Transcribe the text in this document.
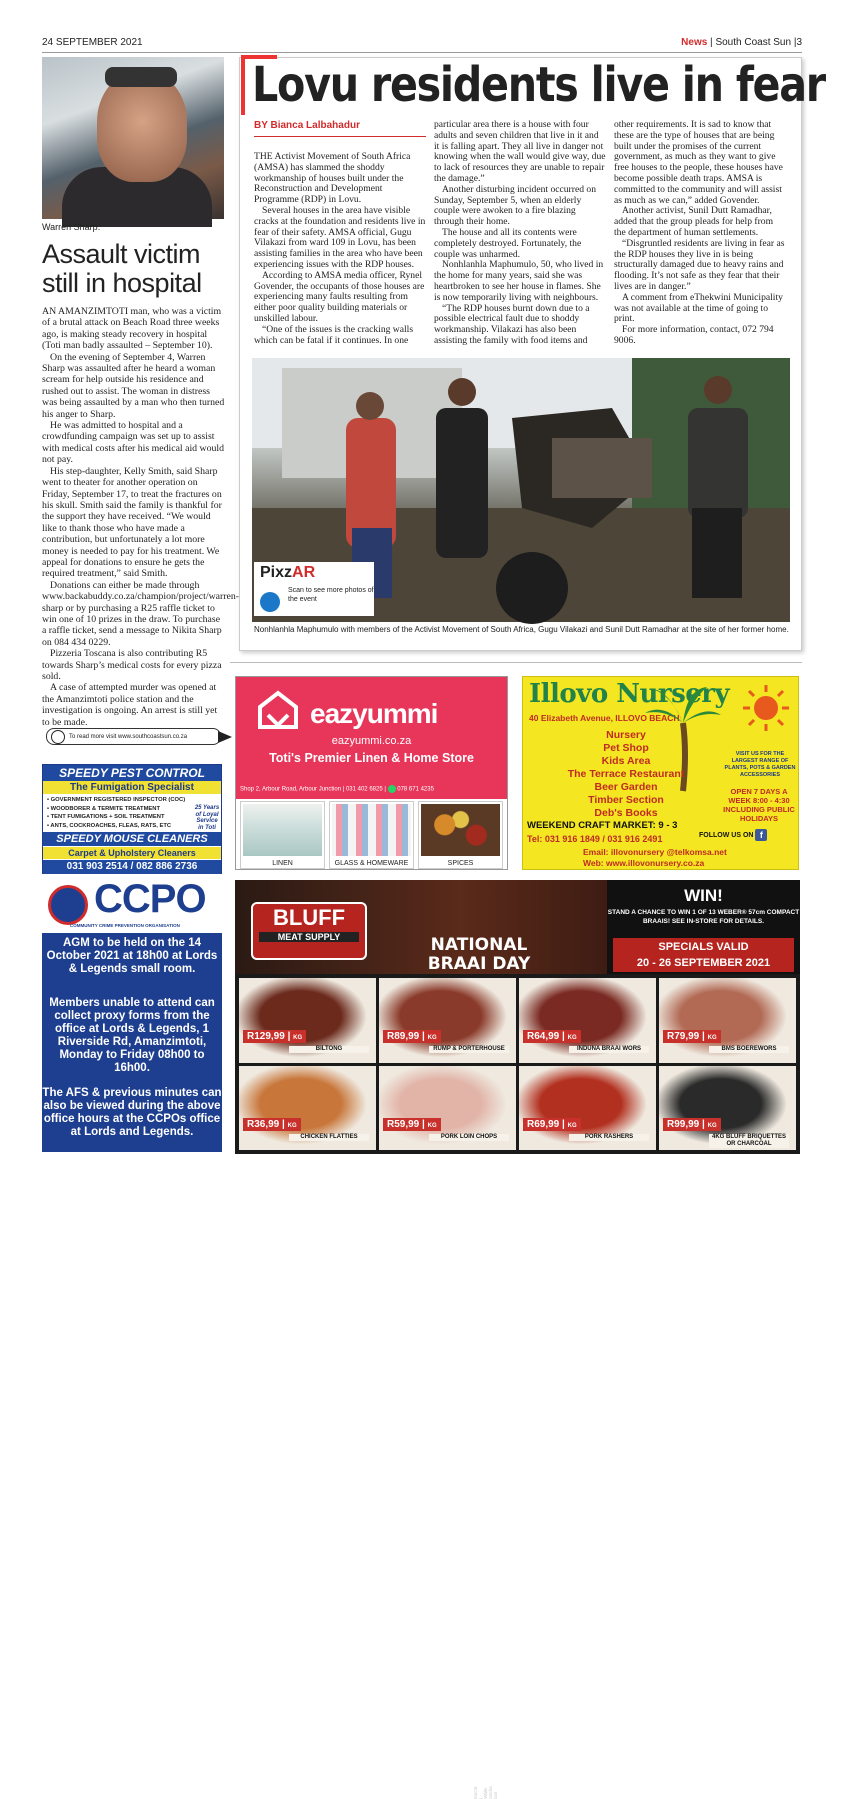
24 SEPTEMBER 2021	News | South Coast Sun |3
Warren Sharp.
Assault victim still in hospital

AN AMANZIMTOTI man, who was a victim of a brutal attack on Beach Road three weeks ago, is making steady recovery in hospital (Toti man badly assaulted – September 10).

On the evening of September 4, Warren Sharp was assaulted after he heard a woman scream for help outside his residence and rushed out to assist. The woman in distress was being assaulted by a man who then turned his anger to Sharp.

He was admitted to hospital and a crowdfunding campaign was set up to assist with medical costs after his medical aid would not pay.

His step-daughter, Kelly Smith, said Sharp went to theater for another operation on Friday, September 17, to treat the fractures on his skull. Smith said the family is thankful for the support they have received. “We would like to thank those who have made a contribution, but unfortunately a lot more money is needed to pay for his treatment. We appeal for donations to ensure he gets the required treatment,” said Smith.

Donations can either be made through www.backabuddy.co.za/champion/project/warren-sharp or by purchasing a R25 raffle ticket to win one of 10 prizes in the draw. To purchase a raffle ticket, send a message to Nikita Sharp on 084 434 0229.

Pizzeria Toscana is also contributing R5 towards Sharp’s medical costs for every pizza sold.

A case of attempted murder was opened at the Amanzimtoti police station and the investigation is ongoing. An arrest is still yet to be made.

To read more visit www.southcoastsun.co.za
Lovu residents live in fear
BY Bianca Lalbahadur

THE Activist Movement of South Africa (AMSA) has slammed the shoddy workmanship of houses built under the Reconstruction and Development Programme (RDP) in Lovu.

Several houses in the area have visible cracks at the foundation and residents live in fear of their safety. AMSA official, Gugu Vilakazi from ward 109 in Lovu, has been assisting families in the area who have been experiencing issues with the RDP houses.

According to AMSA media officer, Rynel Govender, the occupants of those houses are experiencing many faults resulting from either poor quality building materials or unskilled labour.

“One of the issues is the cracking walls which can be fatal if it continues. In one

particular area there is a house with four adults and seven children that live in it and it is falling apart. They all live in danger not knowing when the wall would give way, due to lack of resources they are unable to repair the damage.”

Another disturbing incident occurred on Sunday, September 5, when an elderly couple were awoken to a fire blazing through their home.

The house and all its contents were completely destroyed. Fortunately, the couple was unharmed.

Nonhlanhla Maphumulo, 50, who lived in the home for many years, said she was heartbroken to see her house in flames. She is now temporarily living with neighbours.

“The RDP houses burnt down due to a possible electrical fault due to shoddy workmanship. Vilakazi has also been assisting the family with food items and

other requirements. It is sad to know that these are the type of houses that are being built under the promises of the current government, as much as they want to give free houses to the people, these houses have become possible death traps. AMSA is committed to the community and will assist as much as we can,” added Govender.

Another activist, Sunil Dutt Ramadhar, added that the group pleads for help from the department of human settlements.

“Disgruntled residents are living in fear as the RDP houses they live in is being structurally damaged due to heavy rains and flooding. It’s not safe as they fear that their lives are in danger.”

A comment from eThekwini Municipality was not available at the time of going to print.

For more information, contact, 072 794 9006.

PixzAR
Scan to see more photos of the event
Nonhlanhla Maphumulo with members of the Activist Movement of South Africa, Gugu Vilakazi and Sunil Dutt Ramadhar at the site of her former home.
eazyummi
eazyummi.co.za
Toti's Premier Linen & Home Store
Shop 2, Arbour Road, Arbour Junction | 031 402 6825 | 078 671 4235
LINEN	GLASS & HOMEWARE	SPICES
Illovo Nursery
40 Elizabeth Avenue, ILLOVO BEACH
Nursery
Pet Shop
Kids Area
The Terrace Restaurant
Beer Garden
Timber Section
Deb's Books
VISIT US FOR THE LARGEST RANGE OF PLANTS, POTS & GARDEN ACCESSORIES
OPEN 7 DAYS A WEEK 8:00 - 4:30 INCLUDING PUBLIC HOLIDAYS
WEEKEND CRAFT MARKET: 9 - 3
FOLLOW US ON f
Tel: 031 916 1849 / 031 916 2491
Email: illovonursery @telkomsa.net
Web: www.illovonursery.co.za
SPEEDY PEST CONTROL
The Fumigation Specialist
• GOVERNMENT REGISTERED INSPECTOR (COC)
• WOODBORER & TERMITE TREATMENT
• TENT FUMIGATIONS + SOIL TREATMENT
• ANTS, COCKROACHES, FLEAS, RATS, ETC
25 Years of Loyal Service in Toti
SPEEDY MOUSE CLEANERS
Carpet & Upholstery Cleaners
031 903 2514 / 082 886 2736
CCPO
COMMUNITY CRIME PREVENTION ORGANISATION
AGM to be held on the 14 October 2021 at 18h00 at Lords & Legends small room.
Members unable to attend can collect proxy forms from the office at Lords & Legends, 1 Riverside Rd, Amanzimtoti,
Monday to Friday 08h00 to 16h00.
The AFS & previous minutes can also be viewed during the above office hours at the CCPOs office at Lords and Legends.
BLUFF
MEAT SUPPLY	NATIONAL BRAAI DAY
WIN!
STAND A CHANCE TO WIN 1 OF 13 WEBER® 57cm COMPACT BRAAIS! SEE IN-STORE FOR DETAILS.
SPECIALS VALID
20 - 26 SEPTEMBER 2021
E&OE | While stocks last
R129,99 | KG
BILTONG
R89,99 | KG
RUMP & PORTERHOUSE
R64,99 | KG
INDUNA BRAAI WORS
R79,99 | KG
BMS BOEREWORS
R36,99 | KG
CHICKEN FLATTIES
R59,99 | KG
PORK LOIN CHOPS
R69,99 | KG
PORK RASHERS
R99,99 | KG
4KG BLUFF BRIQUETTES OR CHARCOAL
